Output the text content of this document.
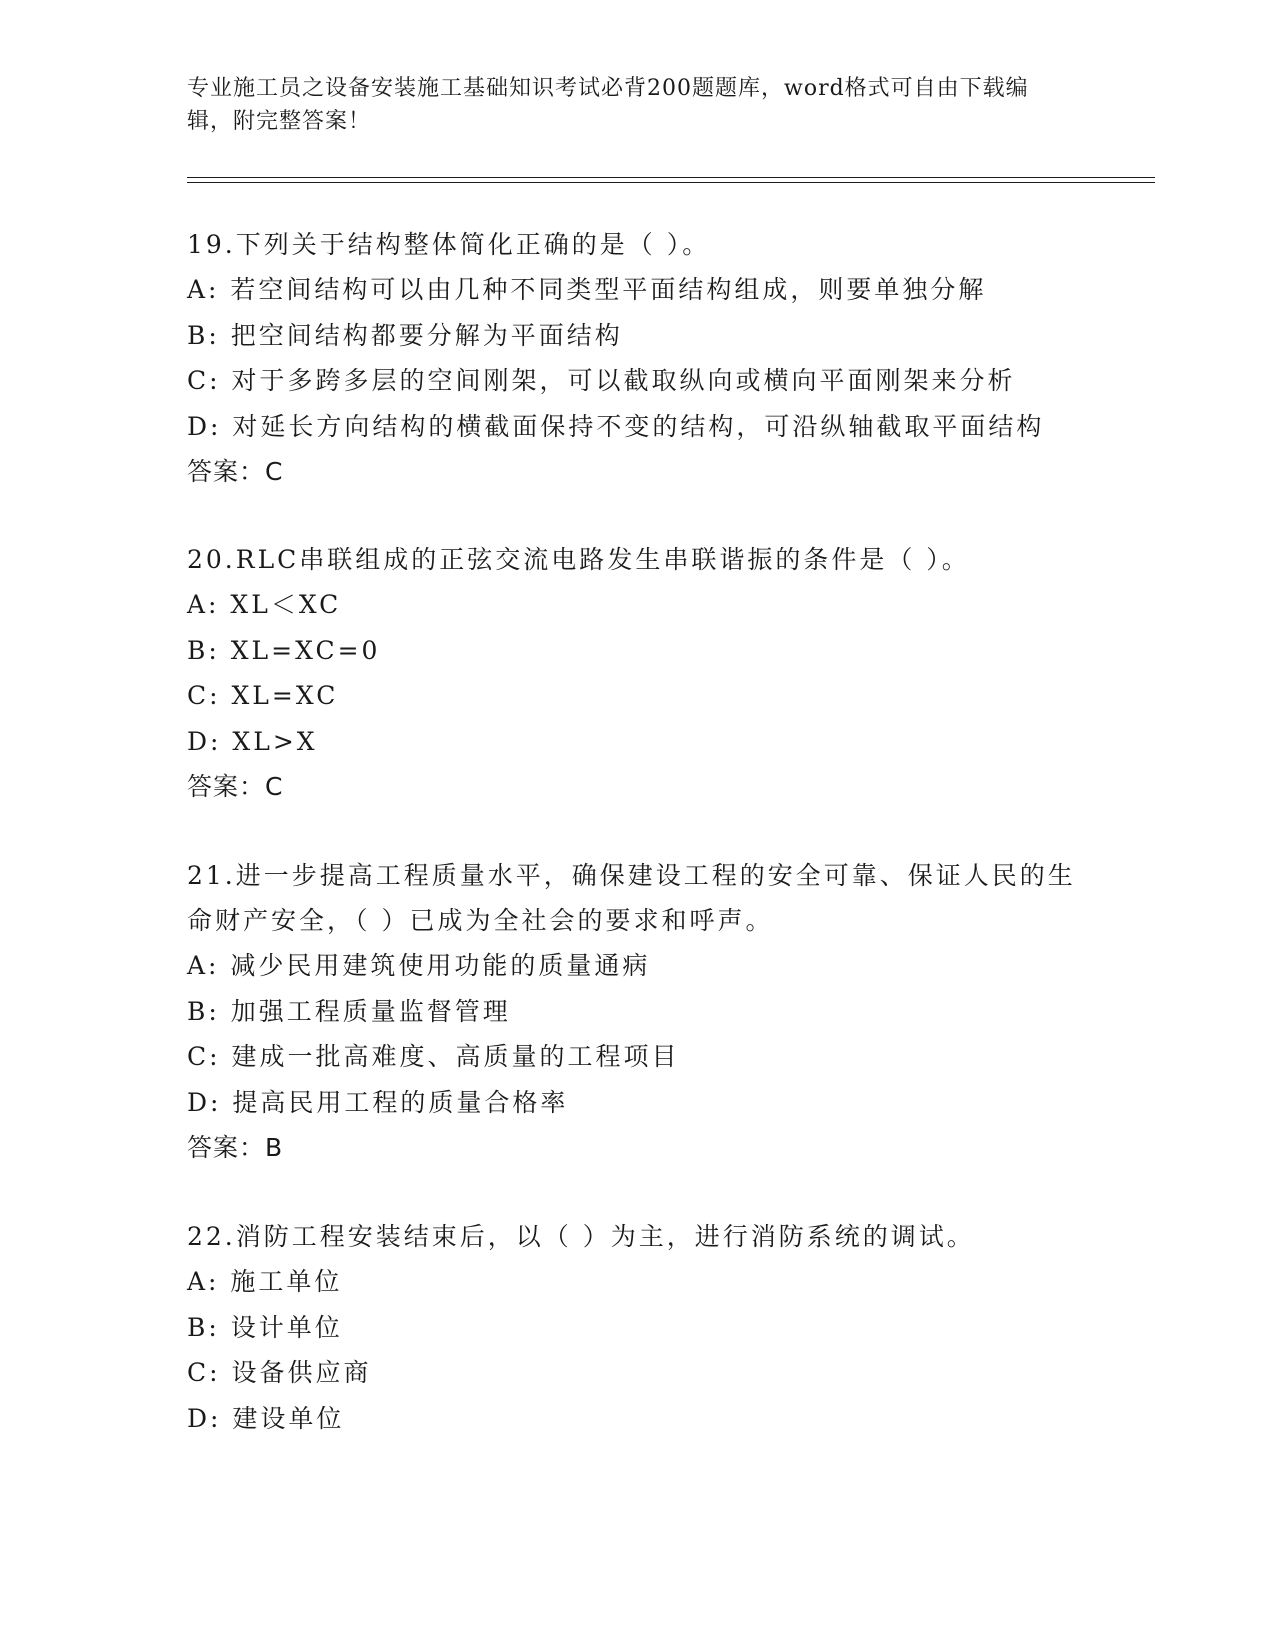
专业施工员之设备安装施工基础知识考试必背200题题库，word格式可自由下载编辑，附完整答案！

19.下列关于结构整体简化正确的是（ ）。

A: 若空间结构可以由几种不同类型平面结构组成，则要单独分解

B: 把空间结构都要分解为平面结构

C: 对于多跨多层的空间刚架，可以截取纵向或横向平面刚架来分析

D: 对延长方向结构的横截面保持不变的结构，可沿纵轴截取平面结构

答案：C

20.RLC串联组成的正弦交流电路发生串联谐振的条件是（ ）。

A: XL＜XC

B: XL=XC=0

C: XL=XC

D: XL>X

答案：C

21.进一步提高工程质量水平，确保建设工程的安全可靠、保证人民的生命财产安全，（ ）已成为全社会的要求和呼声。

A: 减少民用建筑使用功能的质量通病

B: 加强工程质量监督管理

C: 建成一批高难度、高质量的工程项目

D: 提高民用工程的质量合格率

答案：B

22.消防工程安装结束后，以（ ）为主，进行消防系统的调试。

A: 施工单位

B: 设计单位

C: 设备供应商

D: 建设单位
